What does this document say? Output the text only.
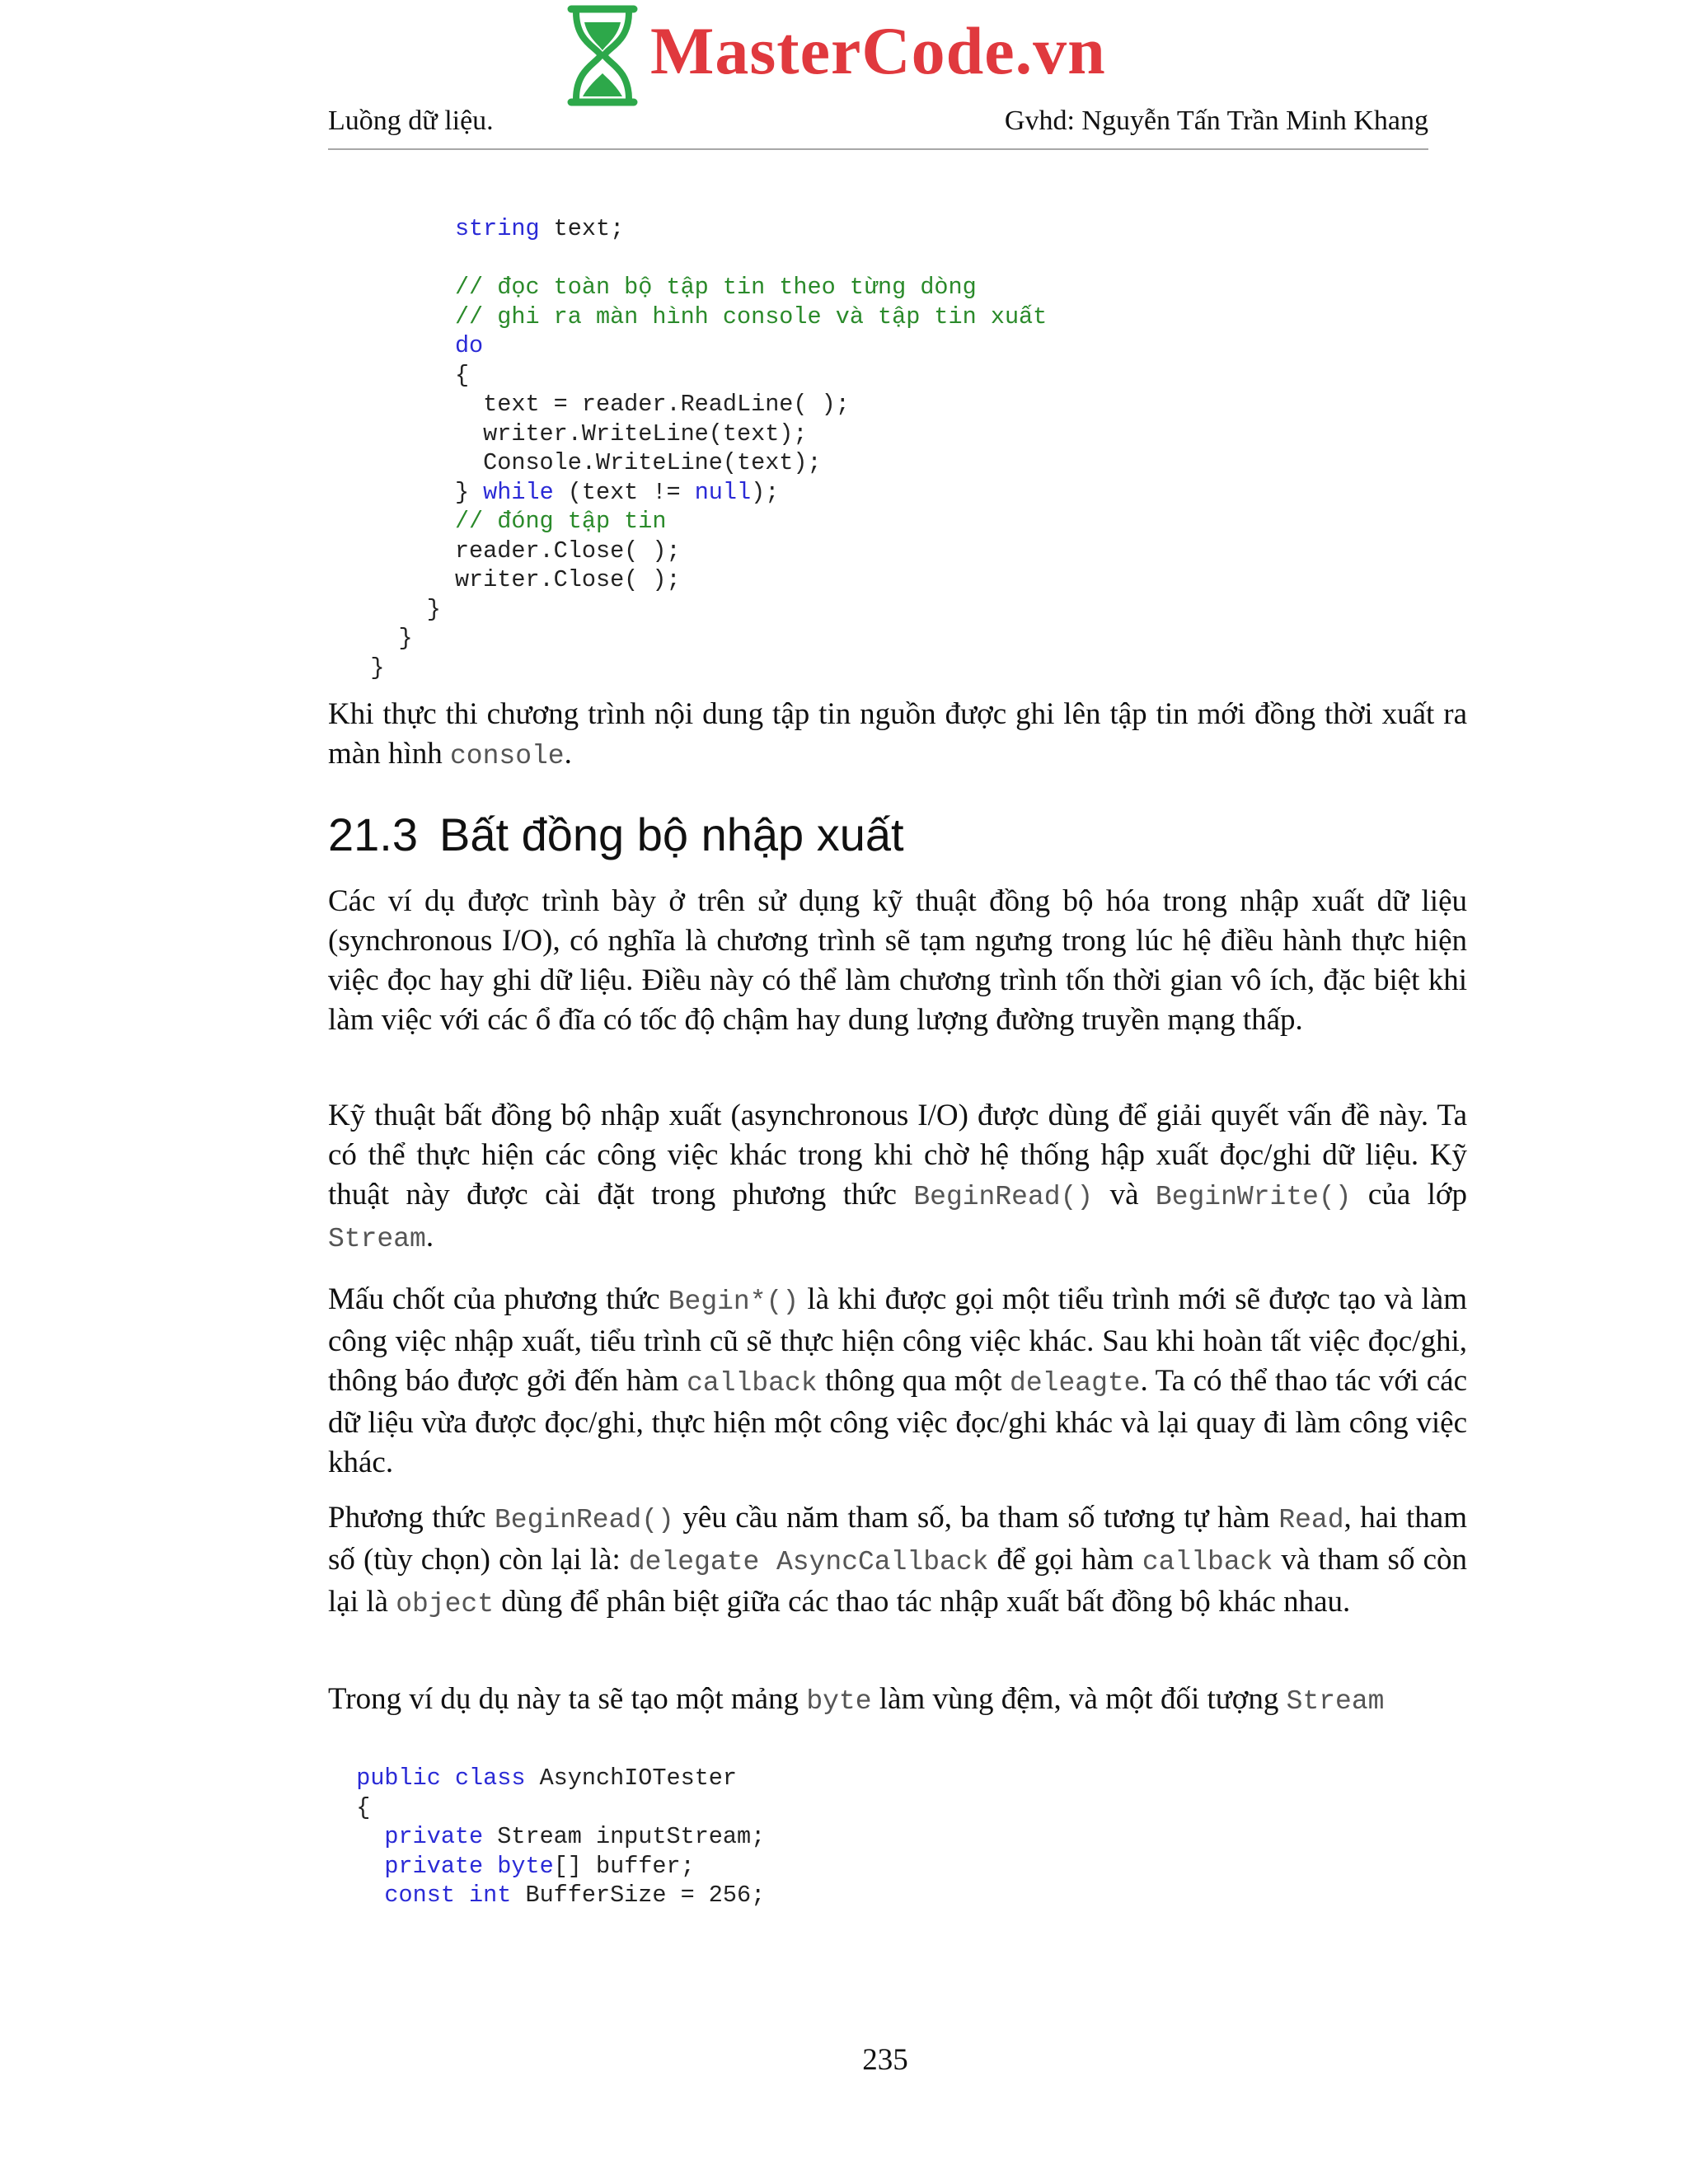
MasterCode.vn
Luồng dữ liệu.	Gvhd: Nguyễn Tấn Trần Minh Khang
string text;

// đọc toàn bộ tập tin theo từng dòng
// ghi ra màn hình console và tập tin xuất
do
{
text = reader.ReadLine( );
writer.WriteLine(text);
Console.WriteLine(text);
} while (text != null);
// đóng tập tin
reader.Close( );
writer.Close( );
}
}
}

Khi thực thi chương trình nội dung tập tin nguồn được ghi lên tập tin mới đồng thời xuất ra màn hình console.

21.3 Bất đồng bộ nhập xuất

Các ví dụ được trình bày ở trên sử dụng kỹ thuật đồng bộ hóa trong nhập xuất dữ liệu (synchronous I/O), có nghĩa là chương trình sẽ tạm ngưng trong lúc hệ điều hành thực hiện việc đọc hay ghi dữ liệu. Điều này có thể làm chương trình tốn thời gian vô ích, đặc biệt khi làm việc với các ổ đĩa có tốc độ chậm hay dung lượng đường truyền mạng thấp.

Kỹ thuật bất đồng bộ nhập xuất (asynchronous I/O) được dùng để giải quyết vấn đề này. Ta có thể thực hiện các công việc khác trong khi chờ hệ thống hập xuất đọc/ghi dữ liệu. Kỹ thuật này được cài đặt trong phương thức BeginRead() và BeginWrite() của lớp Stream.

Mấu chốt của phương thức Begin*() là khi được gọi một tiểu trình mới sẽ được tạo và làm công việc nhập xuất, tiểu trình cũ sẽ thực hiện công việc khác. Sau khi hoàn tất việc đọc/ghi, thông báo được gởi đến hàm callback thông qua một deleagte. Ta có thể thao tác với các dữ liệu vừa được đọc/ghi, thực hiện một công việc đọc/ghi khác và lại quay đi làm công việc khác.

Phương thức BeginRead() yêu cầu năm tham số, ba tham số tương tự hàm Read, hai tham số (tùy chọn) còn lại là: delegate AsyncCallback để gọi hàm callback và tham số còn lại là object dùng để phân biệt giữa các thao tác nhập xuất bất đồng bộ khác nhau.

Trong ví dụ dụ này ta sẽ tạo một mảng byte làm vùng đệm, và một đối tượng Stream

public class AsynchIOTester
{
private Stream inputStream;
private byte[] buffer;
const int BufferSize = 256;
235
